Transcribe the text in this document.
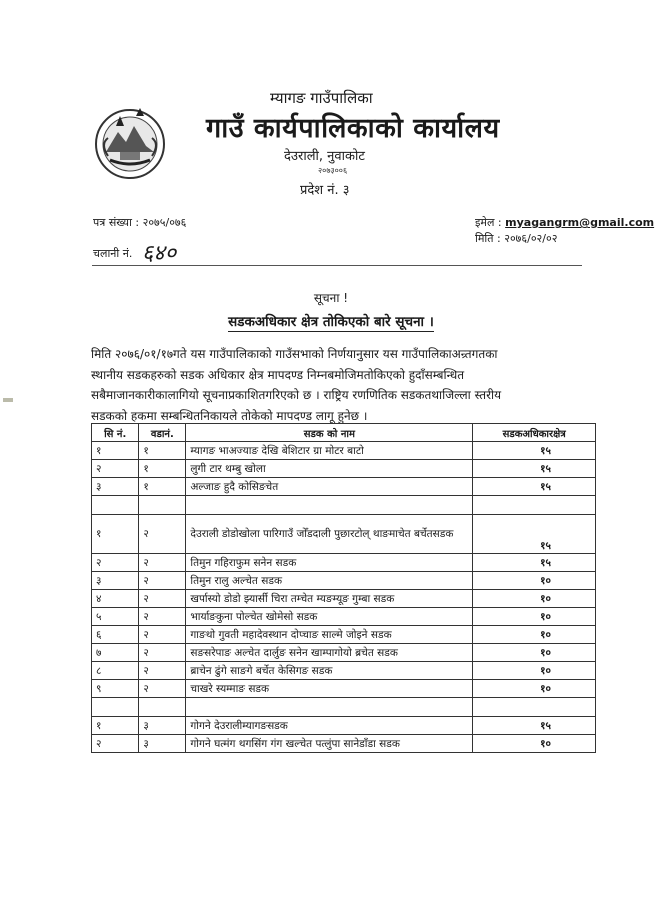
म्यागङ गाउँपालिका
गाउँ कार्यपालिकाको कार्यालय
देउराली, नुवाकोट
२०७३००६
प्रदेश नं. ३
पत्र संख्या : २०७५/०७६
चलानी नं. ६४०
इमेल : myagangrm@gmail.com
मिति : २०७६/०२/०२
सूचना !
सडकअधिकार क्षेत्र तोकिएको बारे सूचना ।

मिति २०७६/०१/१७गते यस गाउँपालिकाको गाउँसभाको निर्णयानुसार यस गाउँपालिकाअन्र्तगतका

स्थानीय सडकहरुको सडक अधिकार क्षेत्र मापदण्ड निम्नबमोजिमतोकिएको हुदाँसम्बन्धित

सबैमाजानकारीकालागियो सूचनाप्रकाशितगरिएको छ । राष्ट्रिय रणणितिक सडकतथाजिल्ला स्तरीय

सडकको हकमा सम्बन्धितनिकायले तोकेको मापदण्ड लागू हुनेछ ।

सि नं.	वडानं.	सडक को नाम	सडकअधिकारक्षेत्र
१	१	म्यागङ भाअज्याङ देखि बेशिटार ग्रा मोटर बाटो	१५
२	१	लुगी टार थम्बु खोला	१५
३	१	अल्जाङ हुदै कोसिङचेत	१५

१	२	देउराली डोडोखोला पारिगाउँ जोँडदाली पुछारटोल् थाङमाचेत बर्चेतसडक	१५
२	२	तिमुन गहिराफुम सनेन सडक	१५
३	२	तिमुन रालु अल्चेत सडक	१०
४	२	खर्पास्यो डोडो झ्यार्सी चिरा तम्चेत म्यङम्यूङ गुम्बा सडक	१०
५	२	भार्याङकुना पोल्चेत खोमेसो सडक	१०
६	२	गाङथो गुवती महादेवस्थान दोप्चाङ साल्मे जोइने सडक	१०
७	२	सङसरेपाङ अल्चेत दार्लुङ सनेन खाम्पागोयो ब्रचेत सडक	१०
८	२	ब्राचेन ढुंगे साङगे बर्चेत केसिगङ सडक	१०
९	२	चाखरे स्यम्माङ सडक	१०

१	३	गोगने देउरालीम्यागङसडक	१५
२	३	गोगने घत्मंग थगसिंग गंग खल्चेत पत्लुंपा सानेडाँडा सडक	१०
